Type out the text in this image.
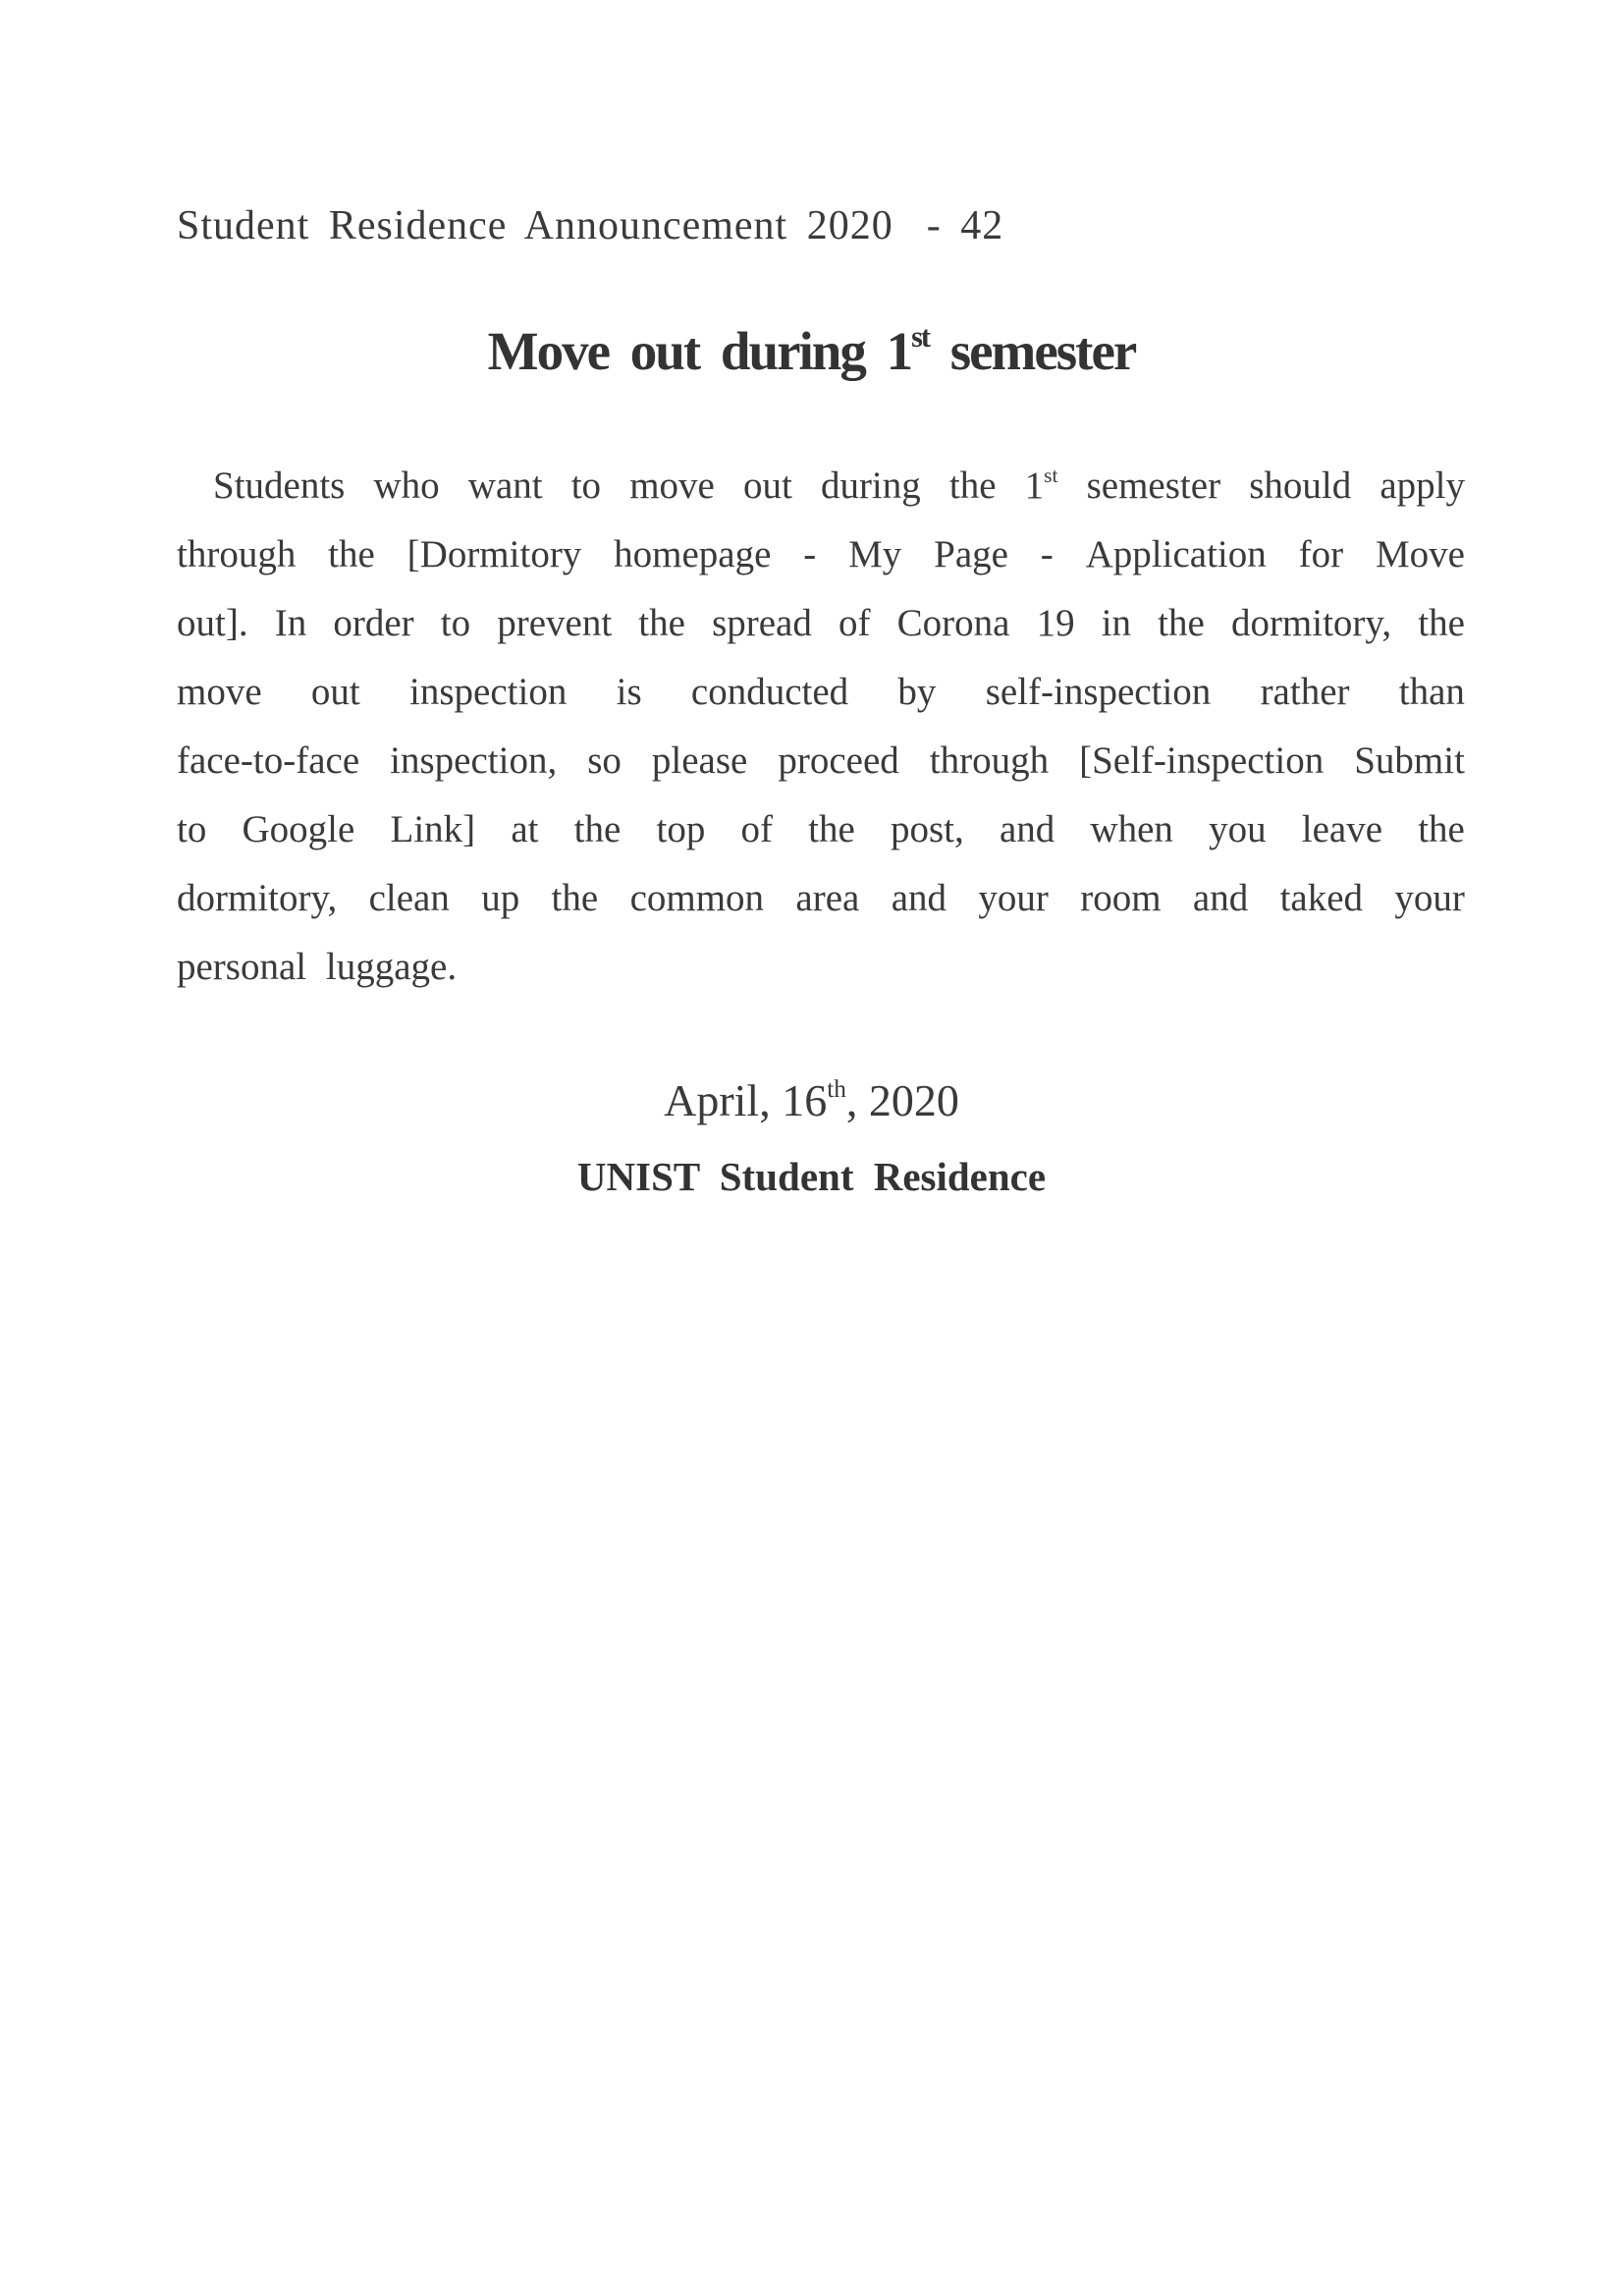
Student Residence Announcement 2020 - 42
Move out during 1st semester
Students who want to move out during the 1st semester should apply
through the [Dormitory homepage - My Page - Application for Move
out]. In order to prevent the spread of Corona 19 in the dormitory, the
move out inspection is conducted by self-inspection rather than
face-to-face inspection, so please proceed through [Self-inspection Submit
to Google Link] at the top of the post, and when you leave the
dormitory, clean up the common area and your room and taked your
personal luggage.
April, 16th, 2020
UNIST Student Residence
